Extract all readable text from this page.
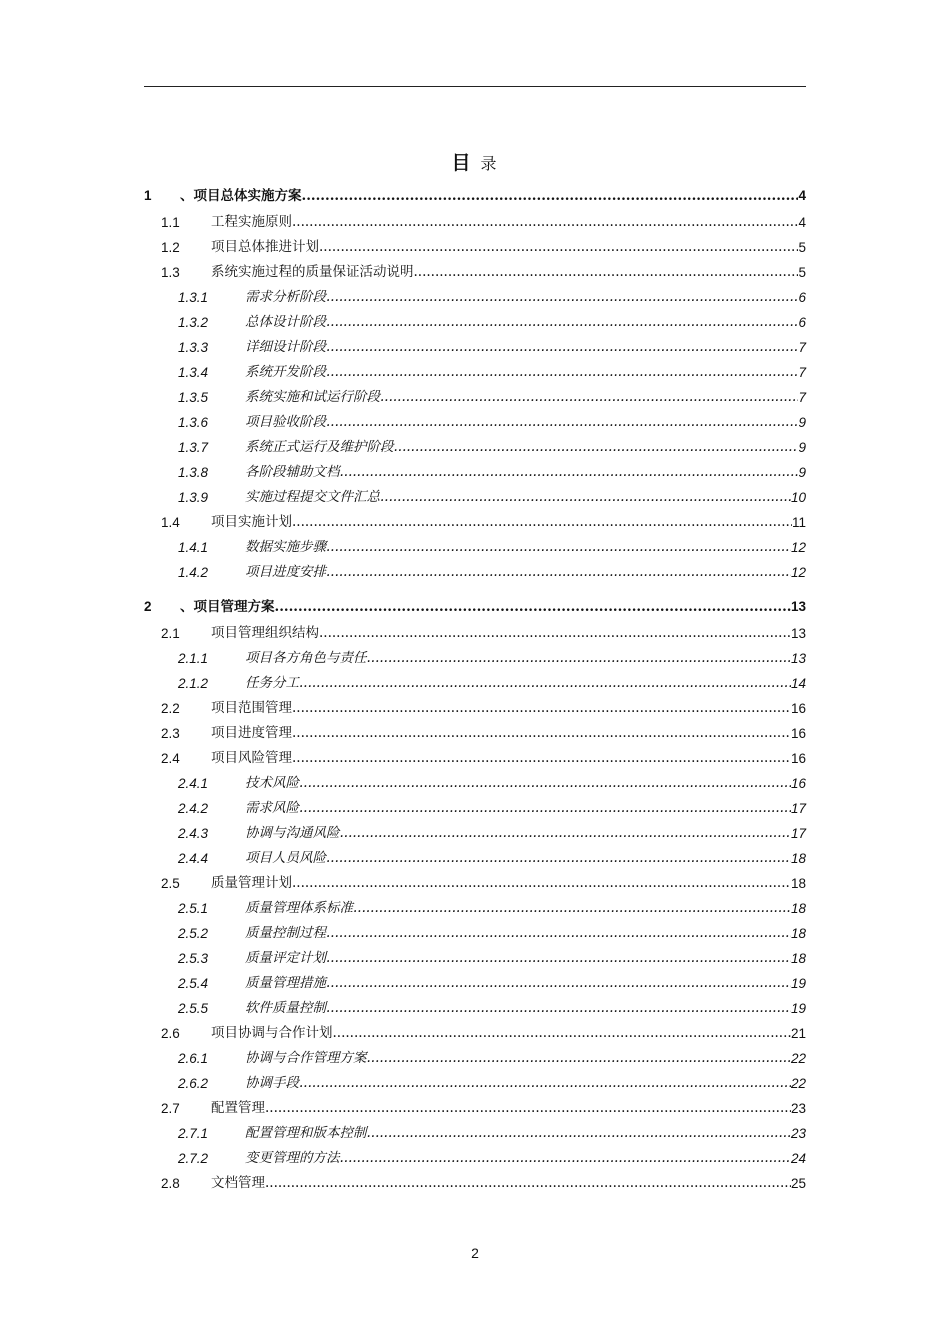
目 录
1 、项目总体实施方案 .....	4
1.1 工程实施原则 .....	4
1.2 项目总体推进计划 .....	5
1.3 系统实施过程的质量保证活动说明 .....	5
1.3.1	需求分析阶段 .....	6
1.3.2	总体设计阶段 .....	6
1.3.3	详细设计阶段 .....	7
1.3.4	系统开发阶段 .....	7
1.3.5	系统实施和试运行阶段 .....	7
1.3.6	项目验收阶段 .....	9
1.3.7	系统正式运行及维护阶段 .....	9
1.3.8	各阶段辅助文档 .....	9
1.3.9	实施过程提交文件汇总 .....	10
1.4 项目实施计划 .....	11
1.4.1	数据实施步骤 .....	12
1.4.2	项目进度安排 .....	12
2 、项目管理方案 .....	13
2.1 项目管理组织结构 .....	13
2.1.1	项目各方角色与责任 .....	13
2.1.2	任务分工 .....	14
2.2 项目范围管理 .....	16
2.3 项目进度管理 .....	16
2.4 项目风险管理 .....	16
2.4.1	技术风险 .....	16
2.4.2	需求风险 .....	17
2.4.3	协调与沟通风险 .....	17
2.4.4	项目人员风险 .....	18
2.5 质量管理计划 .....	18
2.5.1	质量管理体系标准 .....	18
2.5.2	质量控制过程 .....	18
2.5.3	质量评定计划 .....	18
2.5.4	质量管理措施 .....	19
2.5.5	软件质量控制 .....	19
2.6 项目协调与合作计划 .....	21
2.6.1	协调与合作管理方案 .....	22
2.6.2	协调手段 .....	22
2.7 配置管理 .....	23
2.7.1	配置管理和版本控制 .....	23
2.7.2	变更管理的方法 .....	24
2.8 文档管理 .....	25
2
